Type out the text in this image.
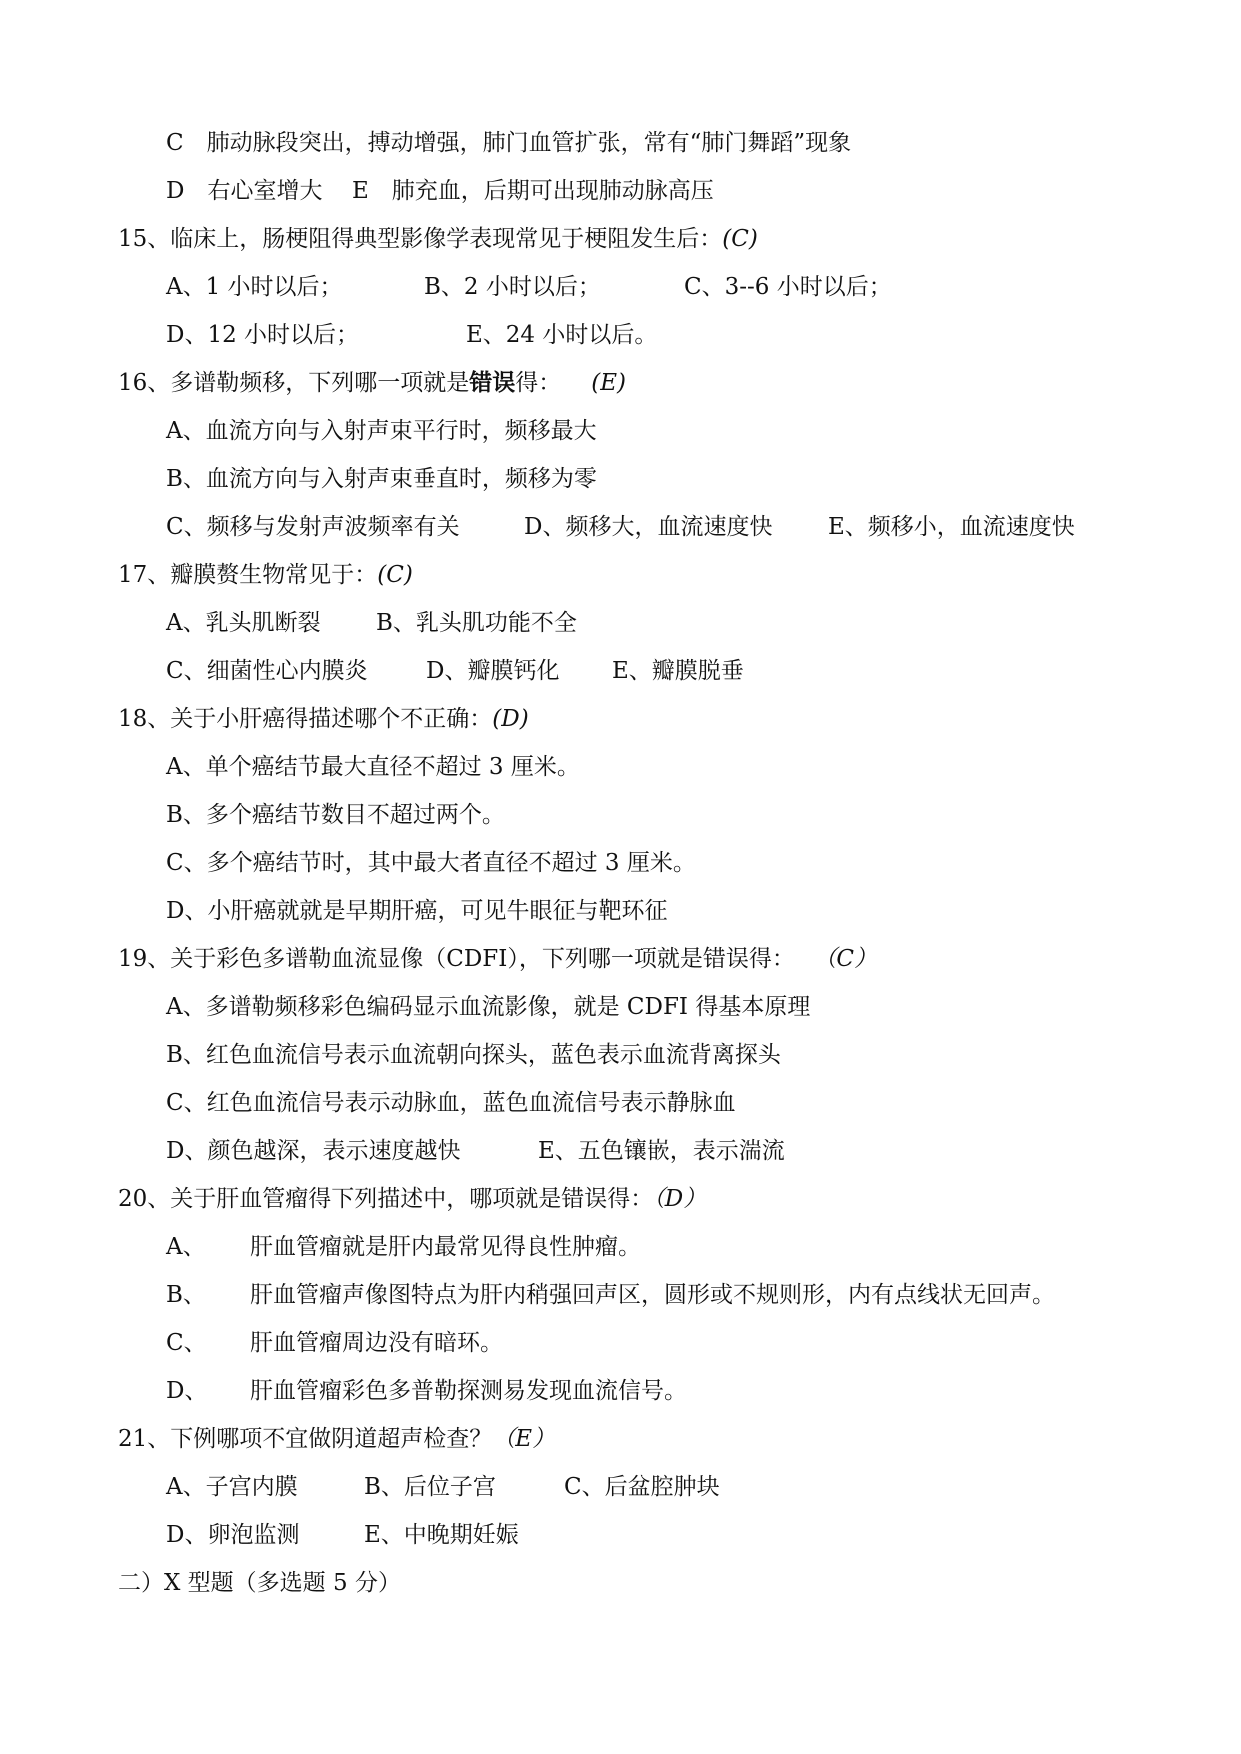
C　肺动脉段突出，搏动增强，肺门血管扩张，常有“肺门舞蹈”现象
D　右心室增大 E　肺充血，后期可出现肺动脉高压
15、临床上，肠梗阻得典型影像学表现常见于梗阻发生后：(C)
A、1 小时以后；	B、2 小时以后；	C、3--6 小时以后；
D、12 小时以后；	E、24 小时以后。
16、多谱勒频移，下列哪一项就是错误得： (E)
A、血流方向与入射声束平行时，频移最大
B、血流方向与入射声束垂直时，频移为零
C、频移与发射声波频率有关	D、频移大，血流速度快 E、频移小，血流速度快
17、瓣膜赘生物常见于：(C)
A、乳头肌断裂 B、乳头肌功能不全
C、细菌性心内膜炎	D、瓣膜钙化 E、瓣膜脱垂
18、关于小肝癌得描述哪个不正确：(D)
A、单个癌结节最大直径不超过 3 厘米。
B、多个癌结节数目不超过两个。
C、多个癌结节时，其中最大者直径不超过 3 厘米。
D、小肝癌就就是早期肝癌，可见牛眼征与靶环征
19、关于彩色多谱勒血流显像（CDFI），下列哪一项就是错误得： （C）
A、多谱勒频移彩色编码显示血流影像，就是 CDFI 得基本原理
B、红色血流信号表示血流朝向探头，蓝色表示血流背离探头
C、红色血流信号表示动脉血，蓝色血流信号表示静脉血
D、颜色越深，表示速度越快	E、五色镶嵌，表示湍流
20、关于肝血管瘤得下列描述中，哪项就是错误得：（D）
A、 肝血管瘤就是肝内最常见得良性肿瘤。
B、 肝血管瘤声像图特点为肝内稍强回声区，圆形或不规则形，内有点线状无回声。
C、 肝血管瘤周边没有暗环。
D、 肝血管瘤彩色多普勒探测易发现血流信号。
21、下例哪项不宜做阴道超声检查？（E）
A、子宫内膜	B、后位子宫	C、后盆腔肿块
D、卵泡监测	E、中晚期妊娠
二）X 型题（多选题 5 分）
